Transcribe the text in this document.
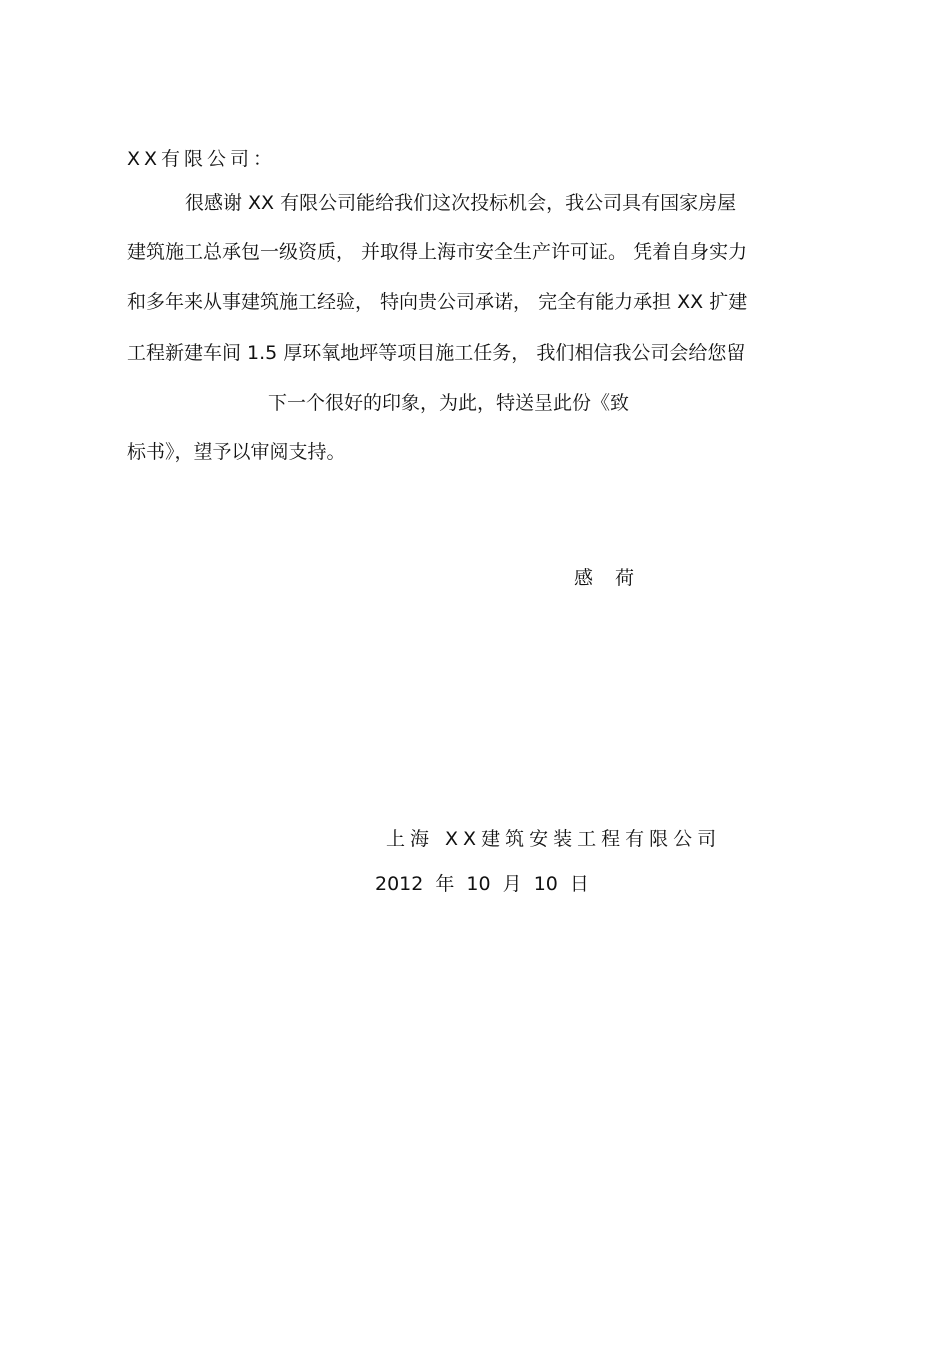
XX有限公司：
很感谢 XX 有限公司能给我们这次投标机会，我公司具有国家房屋
建筑施工总承包一级资质， 并取得上海市安全生产许可证。 凭着自身实力
和多年来从事建筑施工经验， 特向贵公司承诺， 完全有能力承担 XX 扩建
工程新建车间 1.5 厚环氧地坪等项目施工任务， 我们相信我公司会给您留
下一个很好的印象，为此，特送呈此份《致
标书》，望予以审阅支持。
感荷
上海 XX建筑安装工程有限公司
2012 年 10 月 10 日
